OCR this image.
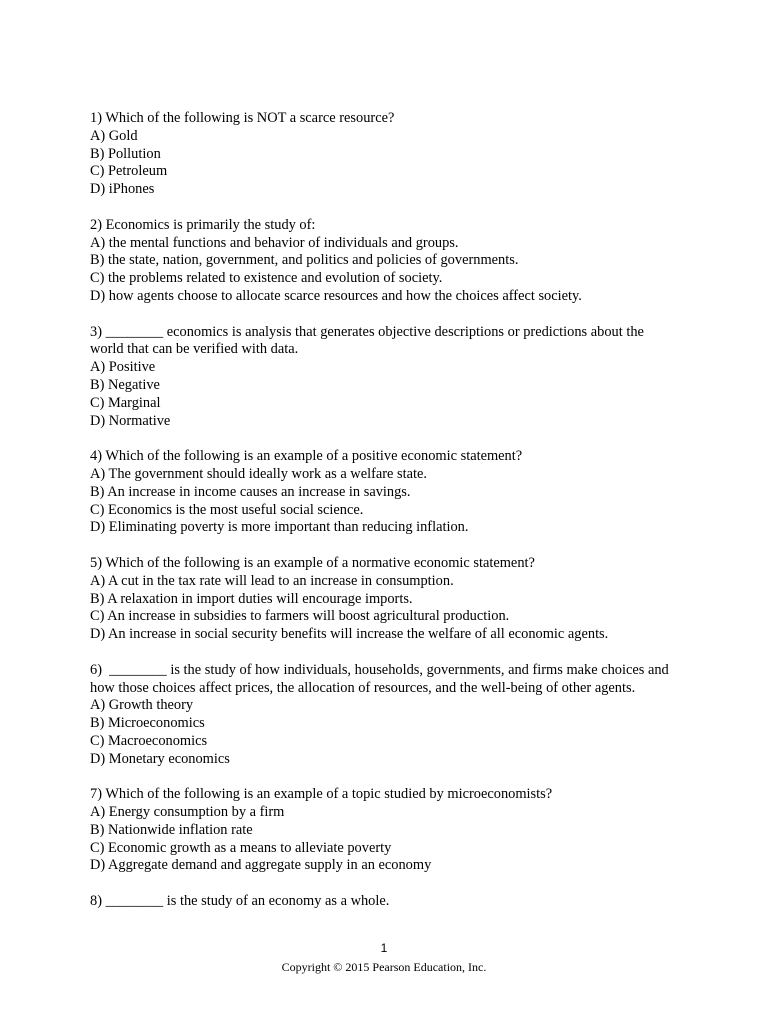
1) Which of the following is NOT a scarce resource?
A) Gold
B) Pollution
C) Petroleum
D) iPhones
2) Economics is primarily the study of:
A) the mental functions and behavior of individuals and groups.
B) the state, nation, government, and politics and policies of governments.
C) the problems related to existence and evolution of society.
D) how agents choose to allocate scarce resources and how the choices affect society.
3) ________ economics is analysis that generates objective descriptions or predictions about the world that can be verified with data.
A) Positive
B) Negative
C) Marginal
D) Normative
4) Which of the following is an example of a positive economic statement?
A) The government should ideally work as a welfare state.
B) An increase in income causes an increase in savings.
C) Economics is the most useful social science.
D) Eliminating poverty is more important than reducing inflation.
5) Which of the following is an example of a normative economic statement?
A) A cut in the tax rate will lead to an increase in consumption.
B) A relaxation in import duties will encourage imports.
C) An increase in subsidies to farmers will boost agricultural production.
D) An increase in social security benefits will increase the welfare of all economic agents.
6)  ________ is the study of how individuals, households, governments, and firms make choices and how those choices affect prices, the allocation of resources, and the well-being of other agents.
A) Growth theory
B) Microeconomics
C) Macroeconomics
D) Monetary economics
7) Which of the following is an example of a topic studied by microeconomists?
A) Energy consumption by a firm
B) Nationwide inflation rate
C) Economic growth as a means to alleviate poverty
D) Aggregate demand and aggregate supply in an economy
8) ________ is the study of an economy as a whole.
1
Copyright © 2015 Pearson Education, Inc.
